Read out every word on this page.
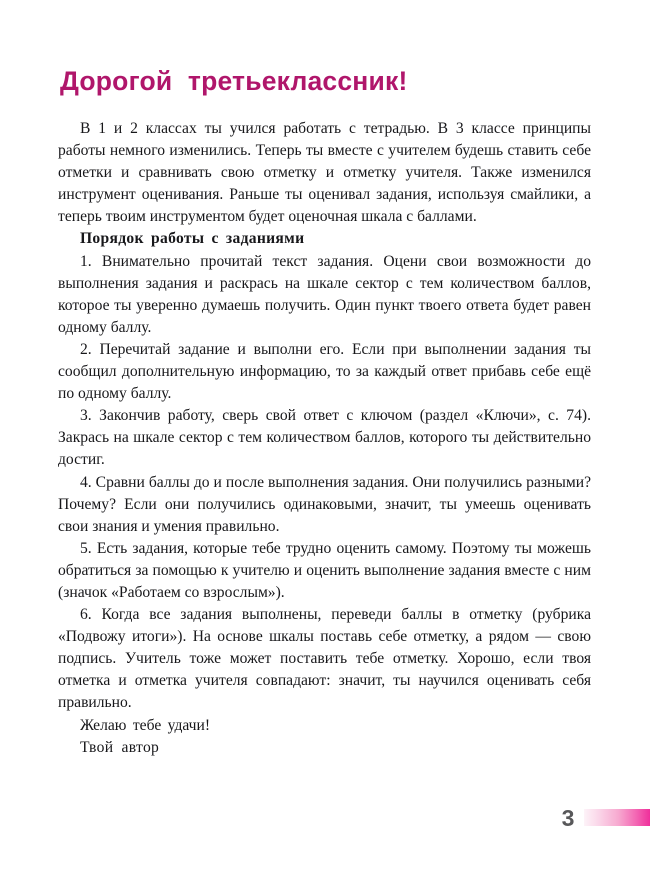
Дорогой третьеклассник!

В 1 и 2 классах ты учился работать с тетрадью. В 3 классе принципы работы немного изменились. Теперь ты вместе с учителем будешь ставить себе отметки и сравнивать свою отметку и отметку учителя. Также изменился инструмент оценивания. Раньше ты оценивал задания, используя смайлики, а теперь твоим инструментом будет оценочная шкала с баллами.

Порядок работы с заданиями

1. Внимательно прочитай текст задания. Оцени свои возможности до выполнения задания и раскрась на шкале сектор с тем количеством баллов, которое ты уверенно думаешь получить. Один пункт твоего ответа будет равен одному баллу.

2. Перечитай задание и выполни его. Если при выполнении задания ты сообщил дополнительную информацию, то за каждый ответ прибавь себе ещё по одному баллу.

3. Закончив работу, сверь свой ответ с ключом (раздел «Ключи», с. 74). Закрась на шкале сектор с тем количеством баллов, которого ты действительно достиг.

4. Сравни баллы до и после выполнения задания. Они получились разными? Почему? Если они получились одинаковыми, значит, ты умеешь оценивать свои знания и умения правильно.

5. Есть задания, которые тебе трудно оценить самому. Поэтому ты можешь обратиться за помощью к учителю и оценить выполнение задания вместе с ним (значок «Работаем со взрослым»).

6. Когда все задания выполнены, переведи баллы в отметку (рубрика «Подвожу итоги»). На основе шкалы поставь себе отметку, а рядом — свою подпись. Учитель тоже может поставить тебе отметку. Хорошо, если твоя отметка и отметка учителя совпадают: значит, ты научился оценивать себя правильно.

Желаю тебе удачи!

Твой автор

3
